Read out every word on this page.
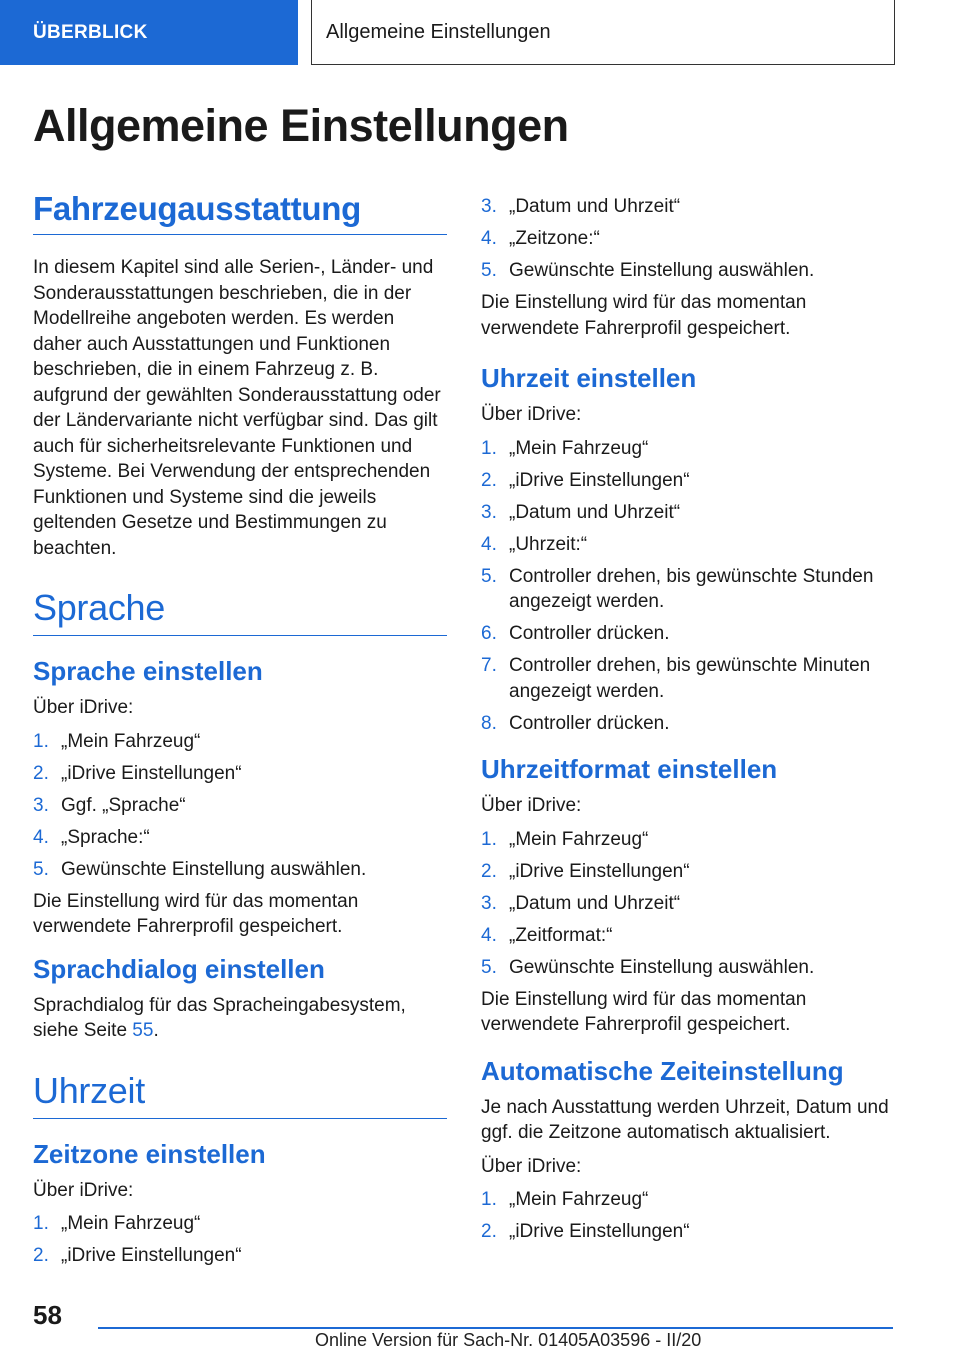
ÜBERBLICK	Allgemeine Einstellungen
Allgemeine Einstellungen
Fahrzeugausstattung

In diesem Kapitel sind alle Serien-, Länder- und Sonderausstattungen beschrieben, die in der Modellreihe angeboten werden. Es werden daher auch Ausstattungen und Funktionen beschrieben, die in einem Fahrzeug z. B. aufgrund der gewählten Sonderausstattung oder der Ländervariante nicht verfügbar sind. Das gilt auch für sicherheitsrelevante Funktionen und Systeme. Bei Verwendung der entsprechenden Funktionen und Systeme sind die jeweils geltenden Gesetze und Bestimmungen zu beachten.

Sprache
Sprache einstellen

Über iDrive:

1. „Mein Fahrzeug“
2. „iDrive Einstellungen“
3. Ggf. „Sprache“
4. „Sprache:“
5. Gewünschte Einstellung auswählen.

Die Einstellung wird für das momentan verwendete Fahrerprofil gespeichert.

Sprachdialog einstellen

Sprachdialog für das Spracheingabesystem, siehe Seite 55.

Uhrzeit
Zeitzone einstellen

Über iDrive:

1. „Mein Fahrzeug“
2. „iDrive Einstellungen“
3. „Datum und Uhrzeit“
4. „Zeitzone:“
5. Gewünschte Einstellung auswählen.

Die Einstellung wird für das momentan verwendete Fahrerprofil gespeichert.

Uhrzeit einstellen

Über iDrive:

1. „Mein Fahrzeug“
2. „iDrive Einstellungen“
3. „Datum und Uhrzeit“
4. „Uhrzeit:“
5. Controller drehen, bis gewünschte Stunden angezeigt werden.
6. Controller drücken.
7. Controller drehen, bis gewünschte Minuten angezeigt werden.
8. Controller drücken.
Uhrzeitformat einstellen

Über iDrive:

1. „Mein Fahrzeug“
2. „iDrive Einstellungen“
3. „Datum und Uhrzeit“
4. „Zeitformat:“
5. Gewünschte Einstellung auswählen.

Die Einstellung wird für das momentan verwendete Fahrerprofil gespeichert.

Automatische Zeiteinstellung

Je nach Ausstattung werden Uhrzeit, Datum und ggf. die Zeitzone automatisch aktualisiert.

Über iDrive:

1. „Mein Fahrzeug“
2. „iDrive Einstellungen“
58
Online Version für Sach-Nr. 01405A03596 - II/20
